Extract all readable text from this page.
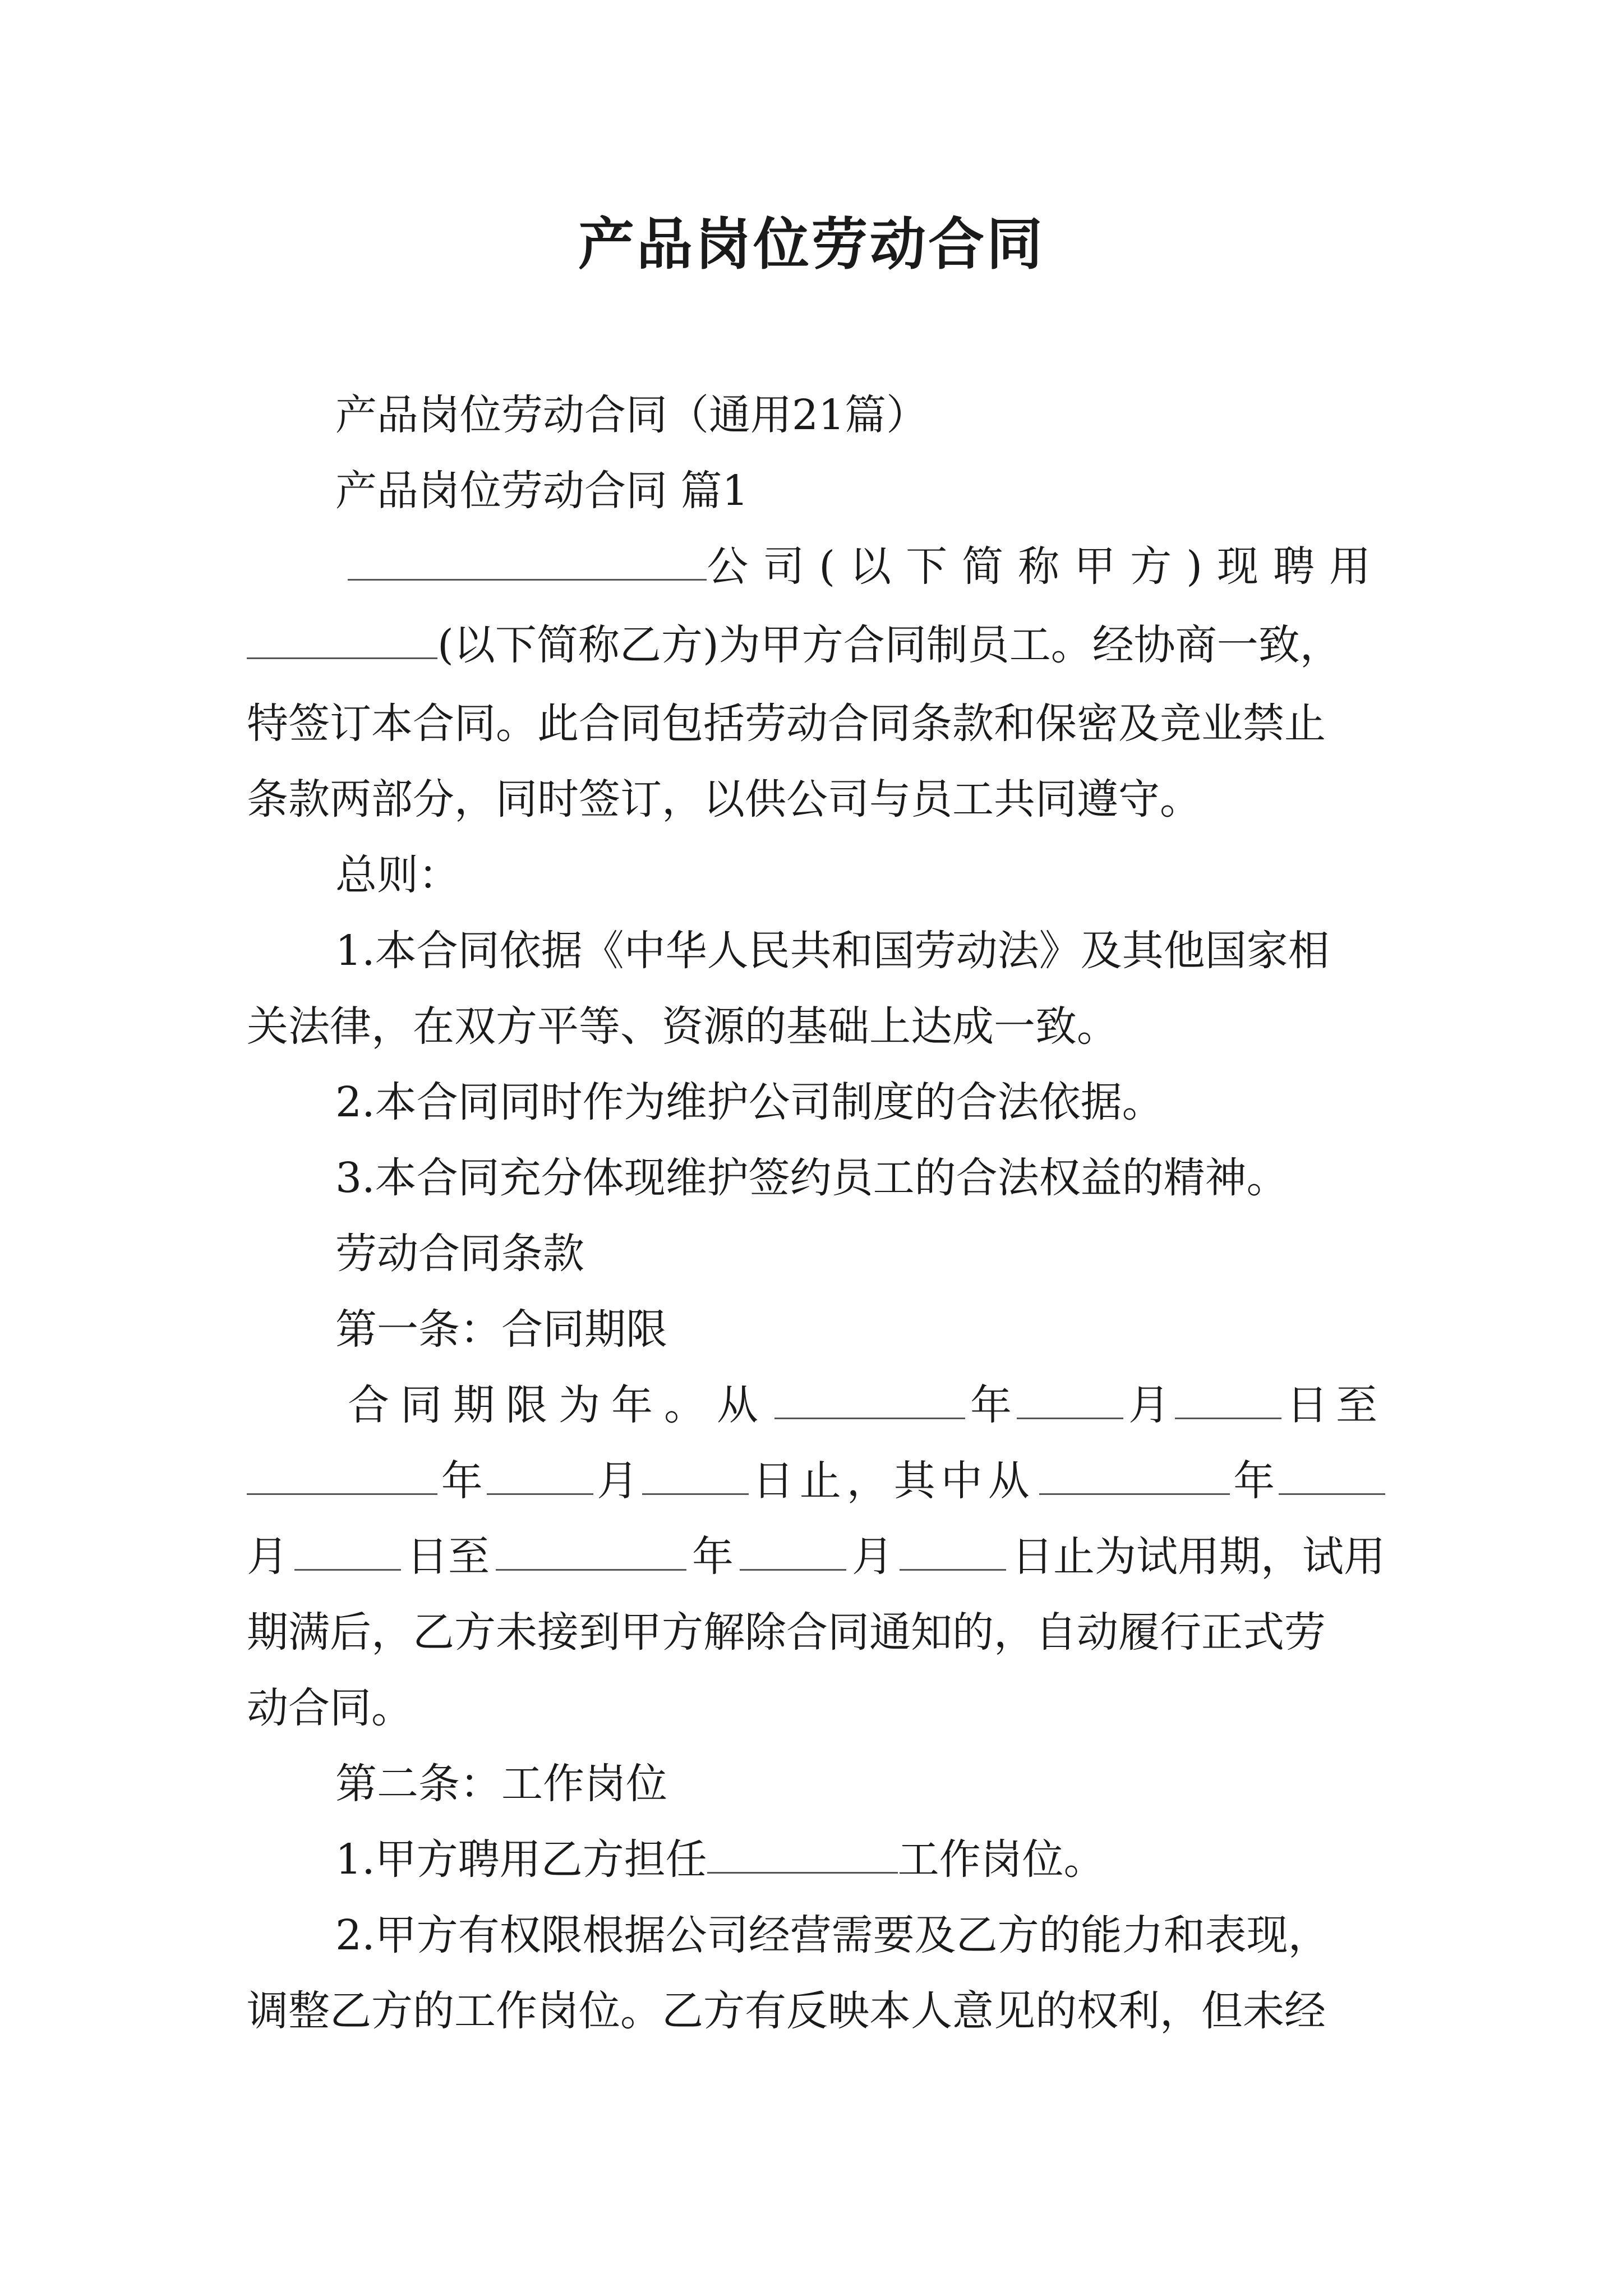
产品岗位劳动合同
产品岗位劳动合同（通用21篇）
产品岗位劳动合同 篇1
公司(以下简称甲方)现聘用
(以下简称乙方)为甲方合同制员工。经协商一致，
特签订本合同。此合同包括劳动合同条款和保密及竞业禁止
条款两部分，同时签订，以供公司与员工共同遵守。
总则：
1.本合同依据《中华人民共和国劳动法》及其他国家相
关法律，在双方平等、资源的基础上达成一致。
2.本合同同时作为维护公司制度的合法依据。
3.本合同充分体现维护签约员工的合法权益的精神。
劳动合同条款
第一条：合同期限
合同期限为年。从	年	月	日至
年	月	日止，其中从	年
月	日至	年	月	日止为试用期，试用
期满后，乙方未接到甲方解除合同通知的，自动履行正式劳
动合同。
第二条：工作岗位
1.甲方聘用乙方担任	工作岗位。
2.甲方有权限根据公司经营需要及乙方的能力和表现，
调整乙方的工作岗位。乙方有反映本人意见的权利，但未经
